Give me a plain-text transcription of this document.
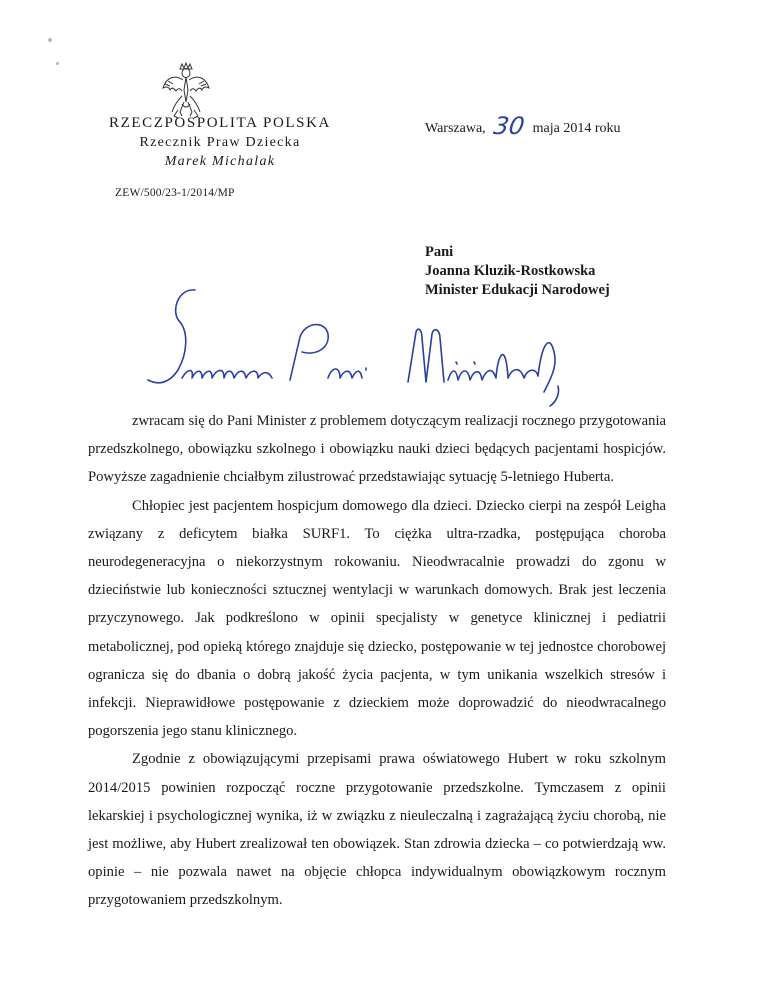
RZECZPOSPOLITA POLSKA
Rzecznik Praw Dziecka
Marek Michalak
ZEW/500/23-1/2014/MP
Warszawa, 30 maja 2014 roku
Pani
Joanna Kluzik-Rostkowska
Minister Edukacji Narodowej

zwracam się do Pani Minister z problemem dotyczącym realizacji rocznego przygotowania przedszkolnego, obowiązku szkolnego i obowiązku nauki dzieci będących pacjentami hospicjów. Powyższe zagadnienie chciałbym zilustrować przedstawiając sytuację 5-letniego Huberta.

Chłopiec jest pacjentem hospicjum domowego dla dzieci. Dziecko cierpi na zespół Leigha związany z deficytem białka SURF1. To ciężka ultra-rzadka, postępująca choroba neurodegeneracyjna o niekorzystnym rokowaniu. Nieodwracalnie prowadzi do zgonu w dzieciństwie lub konieczności sztucznej wentylacji w warunkach domowych. Brak jest leczenia przyczynowego. Jak podkreślono w opinii specjalisty w genetyce klinicznej i pediatrii metabolicznej, pod opieką którego znajduje się dziecko, postępowanie w tej jednostce chorobowej ogranicza się do dbania o dobrą jakość życia pacjenta, w tym unikania wszelkich stresów i infekcji. Nieprawidłowe postępowanie z dzieckiem może doprowadzić do nieodwracalnego pogorszenia jego stanu klinicznego.

Zgodnie z obowiązującymi przepisami prawa oświatowego Hubert w roku szkolnym 2014/2015 powinien rozpocząć roczne przygotowanie przedszkolne. Tymczasem z opinii lekarskiej i psychologicznej wynika, iż w związku z nieuleczalną i zagrażającą życiu chorobą, nie jest możliwe, aby Hubert zrealizował ten obowiązek. Stan zdrowia dziecka – co potwierdzają ww. opinie – nie pozwala nawet na objęcie chłopca indywidualnym obowiązkowym rocznym przygotowaniem przedszkolnym.
